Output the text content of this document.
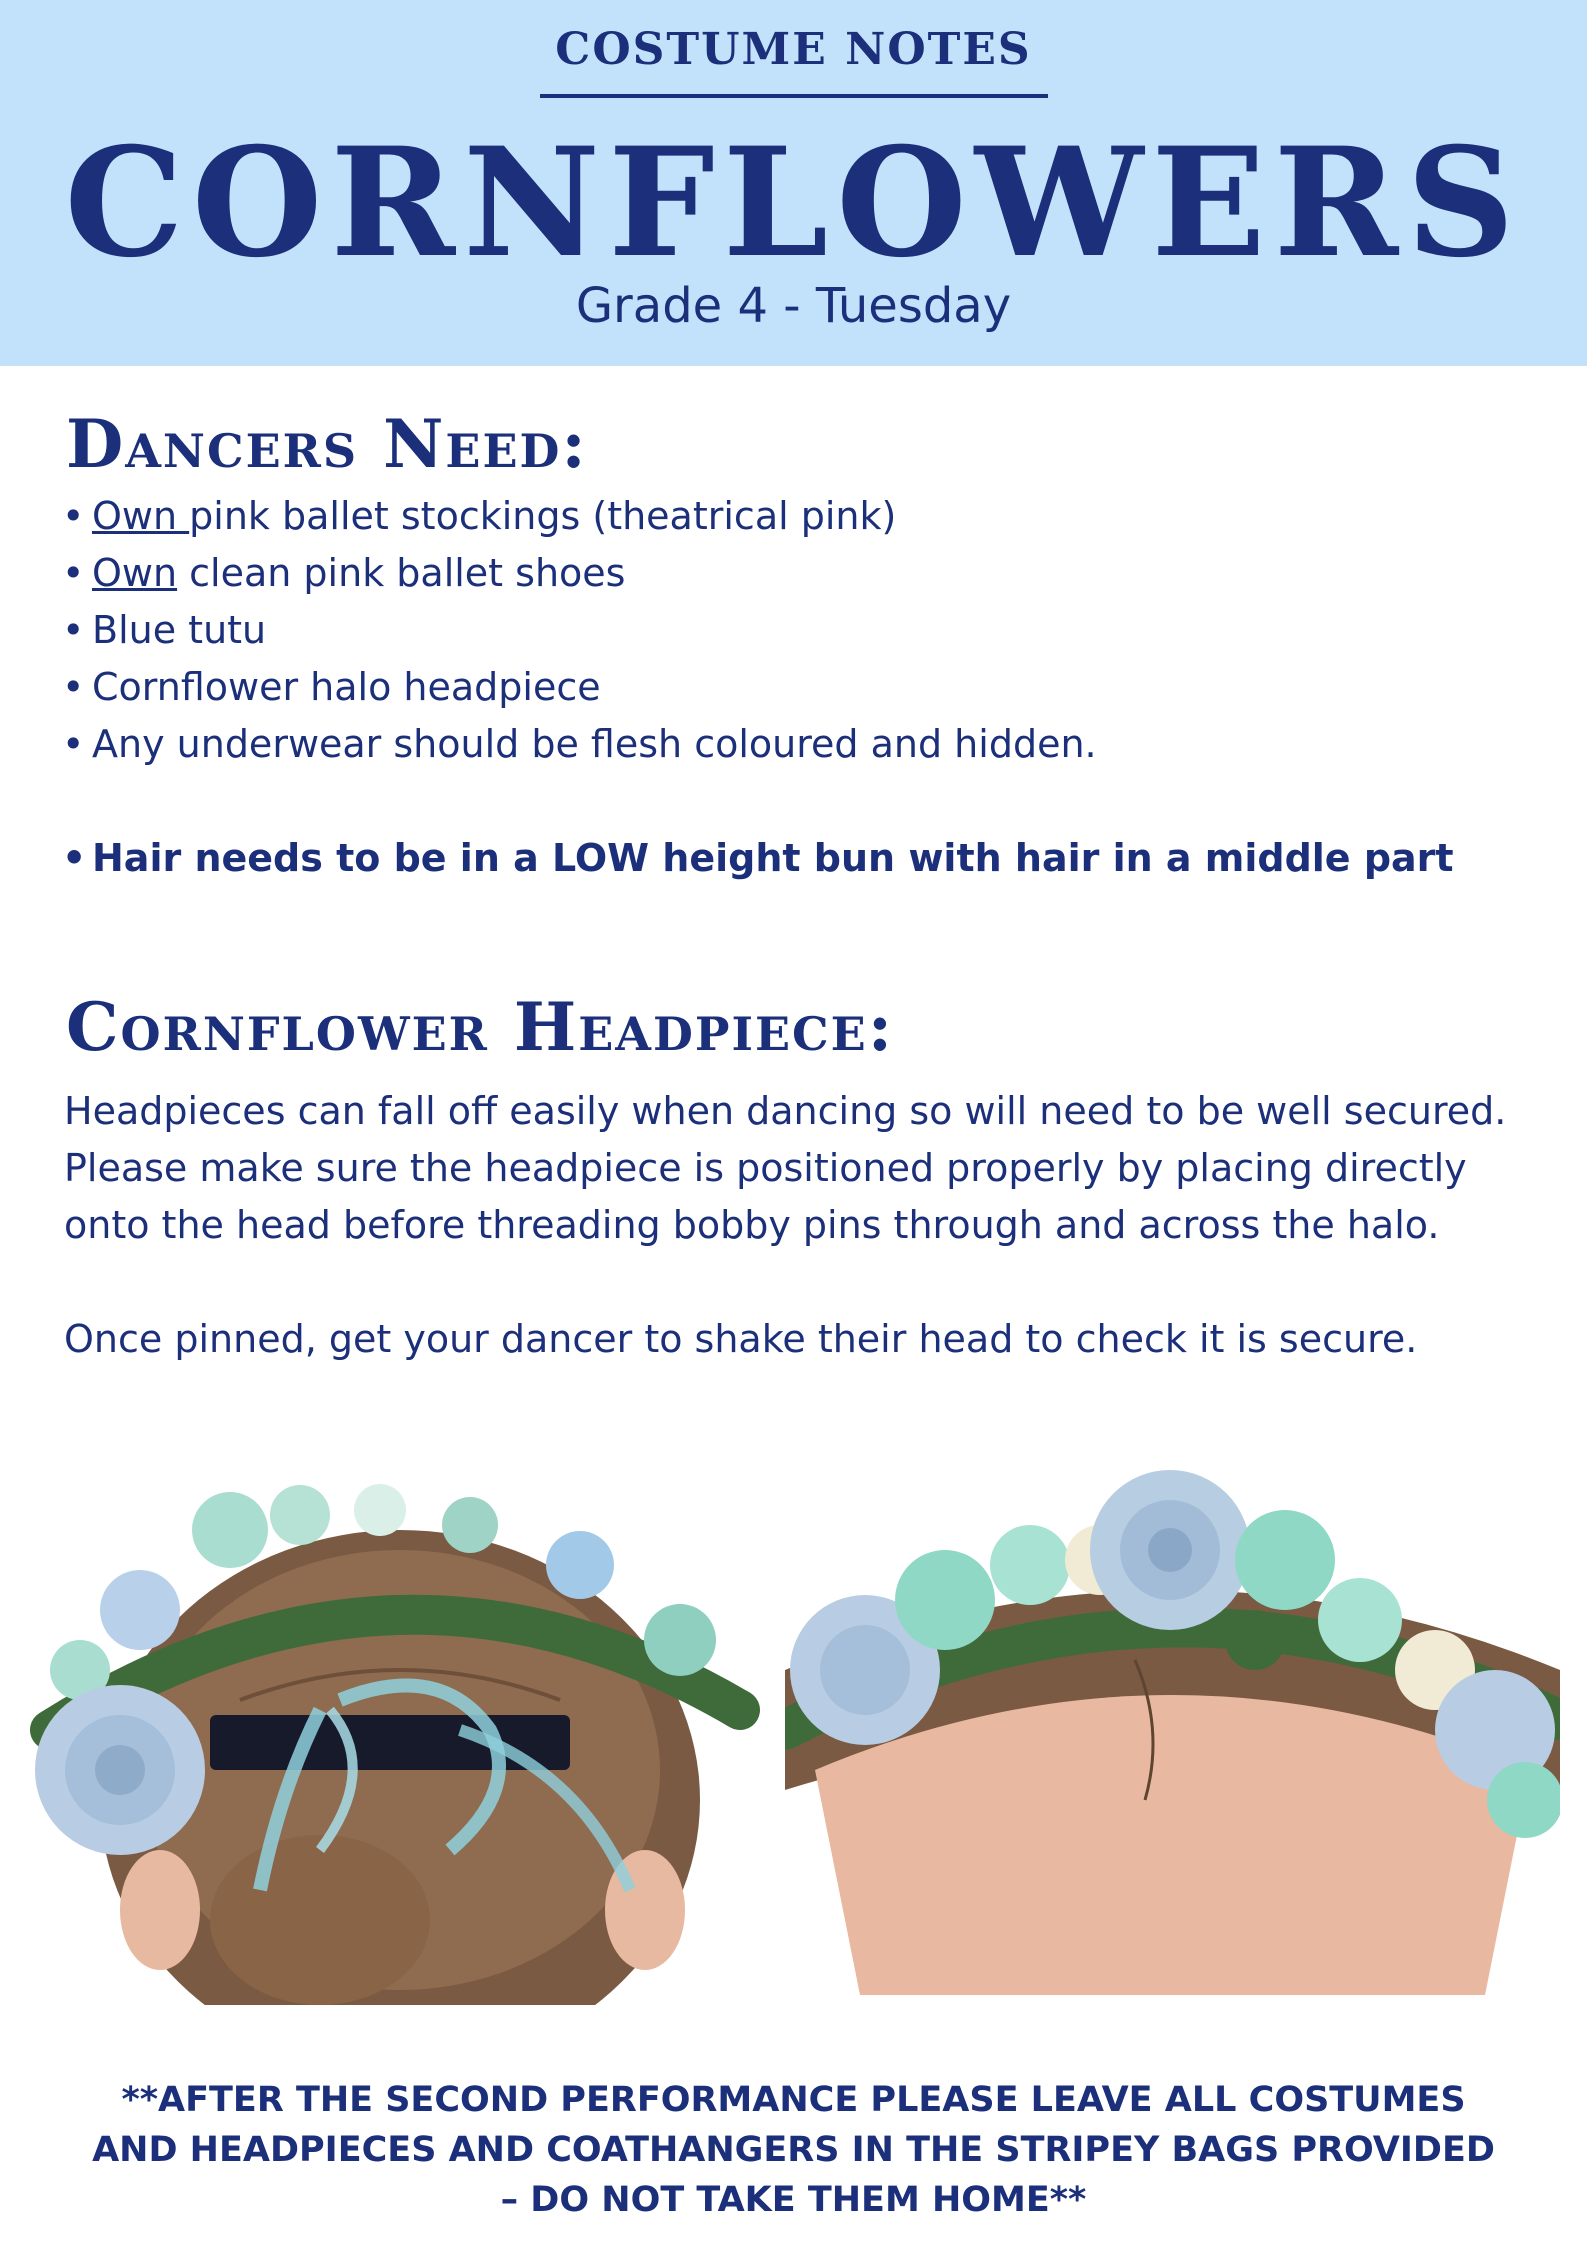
COSTUME NOTES
CORNFLOWERS
Grade 4 - Tuesday
Dancers Need:
• Own pink ballet stockings (theatrical pink)
• Own clean pink ballet shoes
• Blue tutu
• Cornflower halo headpiece
• Any underwear should be flesh coloured and hidden.
• Hair needs to be in a LOW height bun with hair in a middle part
Cornflower Headpiece:
Headpieces can fall off easily when dancing so will need to be well secured. Please make sure the headpiece is positioned properly by placing directly onto the head before threading bobby pins through and across the halo.
Once pinned, get your dancer to shake their head to check it is secure.
**AFTER THE SECOND PERFORMANCE PLEASE LEAVE ALL COSTUMES AND HEADPIECES AND COATHANGERS IN THE STRIPEY BAGS PROVIDED – DO NOT TAKE THEM HOME**
